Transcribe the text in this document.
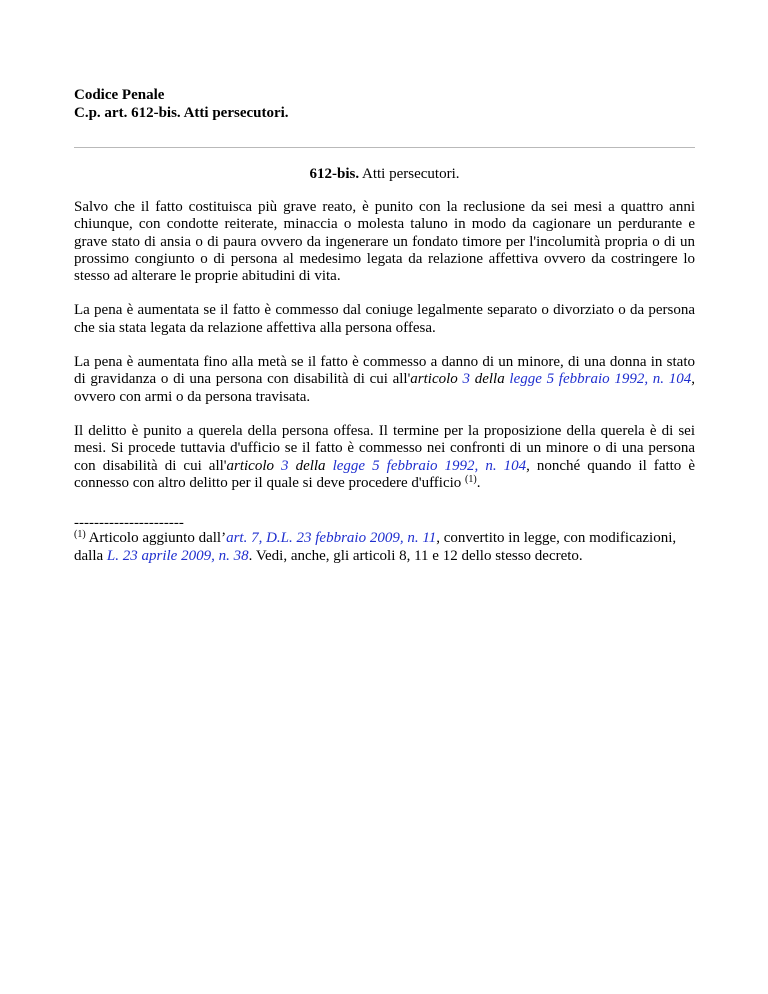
Codice Penale

C.p. art. 612-bis. Atti persecutori.

612-bis. Atti persecutori.

Salvo che il fatto costituisca più grave reato, è punito con la reclusione da sei mesi a quattro anni chiunque, con condotte reiterate, minaccia o molesta taluno in modo da cagionare un perdurante e grave stato di ansia o di paura ovvero da ingenerare un fondato timore per l'incolumità propria o di un prossimo congiunto o di persona al medesimo legata da relazione affettiva ovvero da costringere lo stesso ad alterare le proprie abitudini di vita.

La pena è aumentata se il fatto è commesso dal coniuge legalmente separato o divorziato o da persona che sia stata legata da relazione affettiva alla persona offesa.

La pena è aumentata fino alla metà se il fatto è commesso a danno di un minore, di una donna in stato di gravidanza o di una persona con disabilità di cui all'articolo 3 della legge 5 febbraio 1992, n. 104, ovvero con armi o da persona travisata.

Il delitto è punito a querela della persona offesa. Il termine per la proposizione della querela è di sei mesi. Si procede tuttavia d'ufficio se il fatto è commesso nei confronti di un minore o di una persona con disabilità di cui all'articolo 3 della legge 5 febbraio 1992, n. 104, nonché quando il fatto è connesso con altro delitto per il quale si deve procedere d'ufficio $^{(1)}$.

----------------------

$^{(1)}$ Articolo aggiunto dall’art. 7, D.L. 23 febbraio 2009, n. 11, convertito in legge, con modificazioni, dalla L. 23 aprile 2009, n. 38. Vedi, anche, gli articoli 8, 11 e 12 dello stesso decreto.
